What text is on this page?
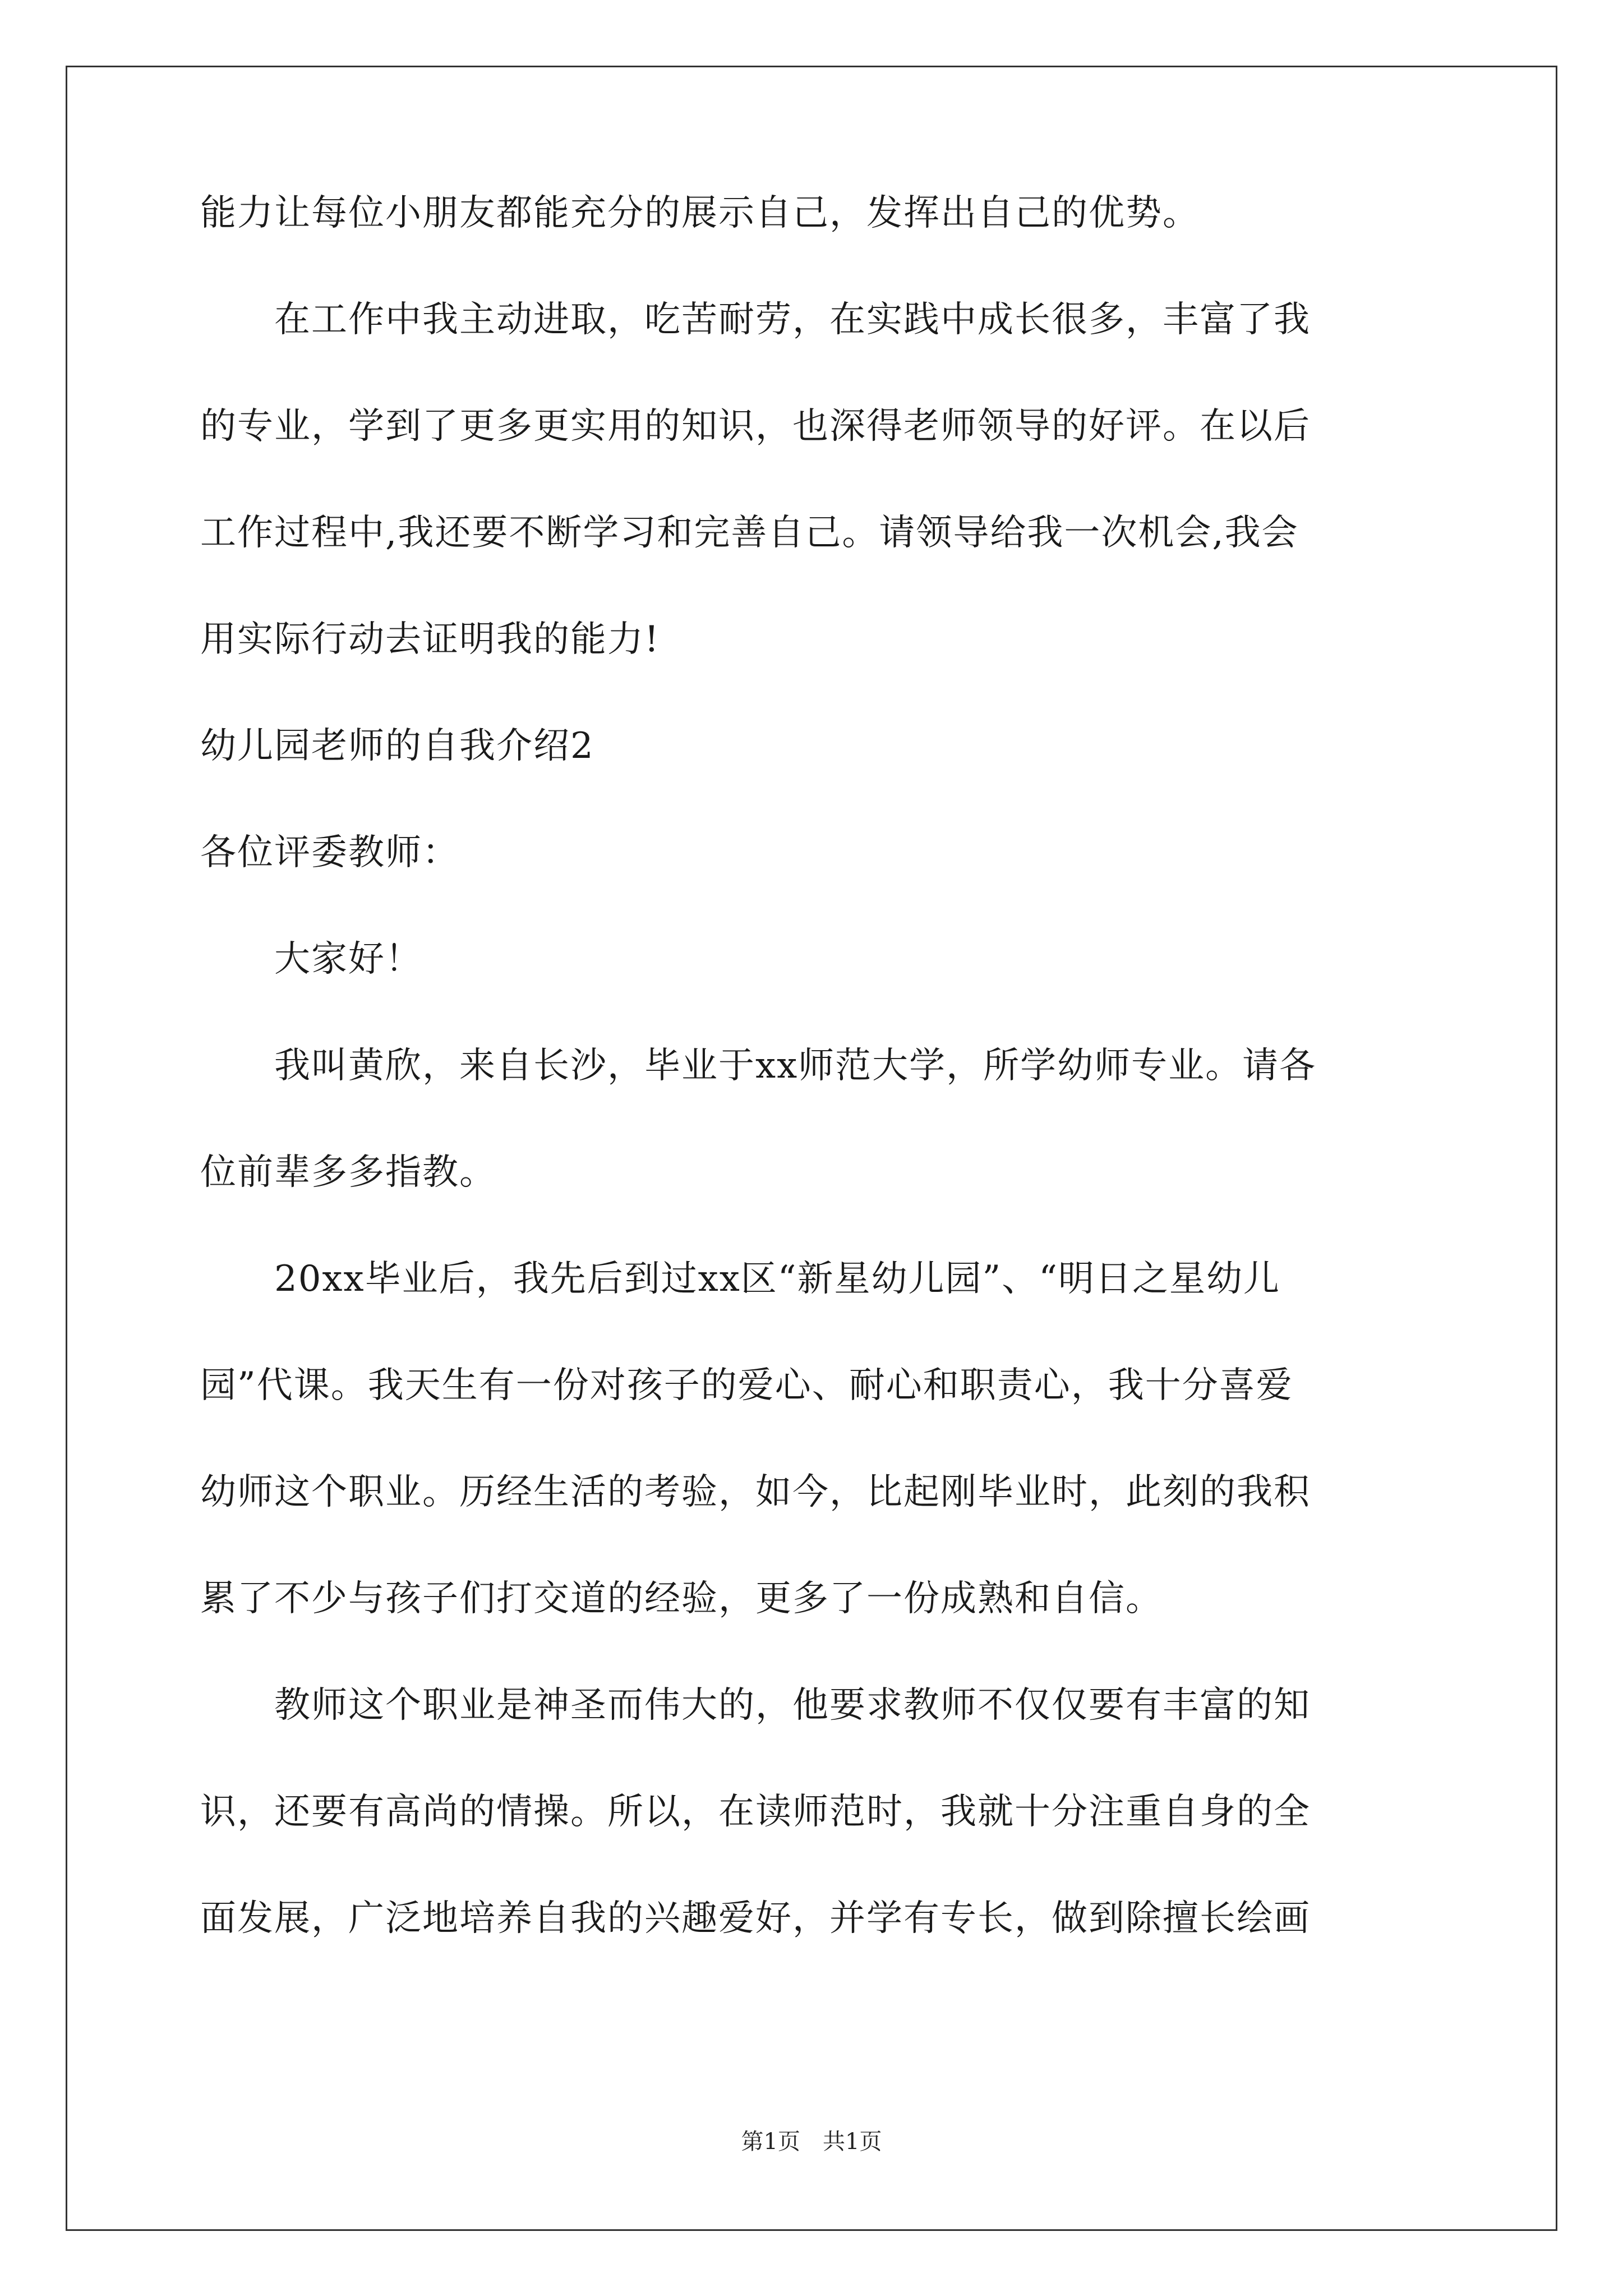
能力让每位小朋友都能充分的展示自己，发挥出自己的优势。
　　在工作中我主动进取，吃苦耐劳，在实践中成长很多，丰富了我
的专业，学到了更多更实用的知识，也深得老师领导的好评。在以后
工作过程中,我还要不断学习和完善自己。请领导给我一次机会,我会
用实际行动去证明我的能力!
幼儿园老师的自我介绍2
各位评委教师：
　　大家好！
　　我叫黄欣，来自长沙，毕业于xx师范大学，所学幼师专业。请各
位前辈多多指教。
　　20xx毕业后，我先后到过xx区“新星幼儿园”、“明日之星幼儿
园”代课。我天生有一份对孩子的爱心、耐心和职责心，我十分喜爱
幼师这个职业。历经生活的考验，如今，比起刚毕业时，此刻的我积
累了不少与孩子们打交道的经验，更多了一份成熟和自信。
　　教师这个职业是神圣而伟大的，他要求教师不仅仅要有丰富的知
识，还要有高尚的情操。所以，在读师范时，我就十分注重自身的全
面发展，广泛地培养自我的兴趣爱好，并学有专长，做到除擅长绘画
第1页　共1页
